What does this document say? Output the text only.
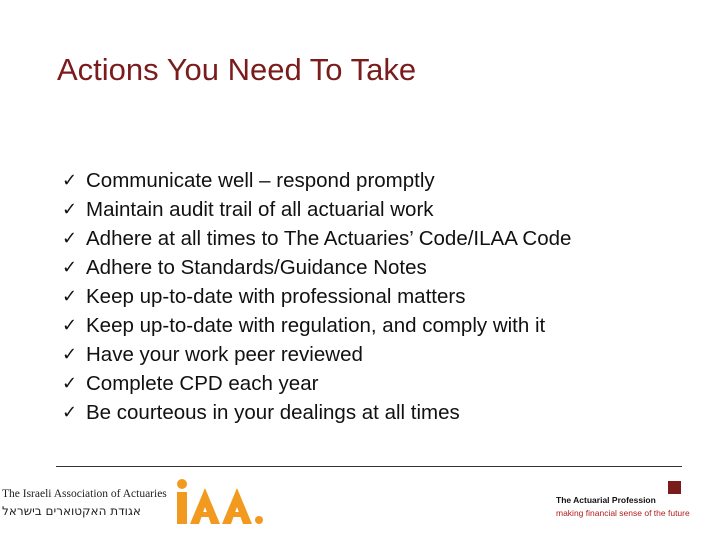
Actions You Need To Take
✓ Communicate well – respond promptly
✓ Maintain audit trail of all actuarial work
✓ Adhere at all times to The Actuaries’ Code/ILAA Code
✓ Adhere to Standards/Guidance Notes
✓ Keep up-to-date with professional matters
✓ Keep up-to-date with regulation, and comply with it
✓ Have your work peer reviewed
✓ Complete CPD each year
✓ Be courteous in your dealings at all times
The Israeli Association of Actuaries
אגודת האקטוארים בישראל
IAA
The Actuarial Profession
making financial sense of the future
